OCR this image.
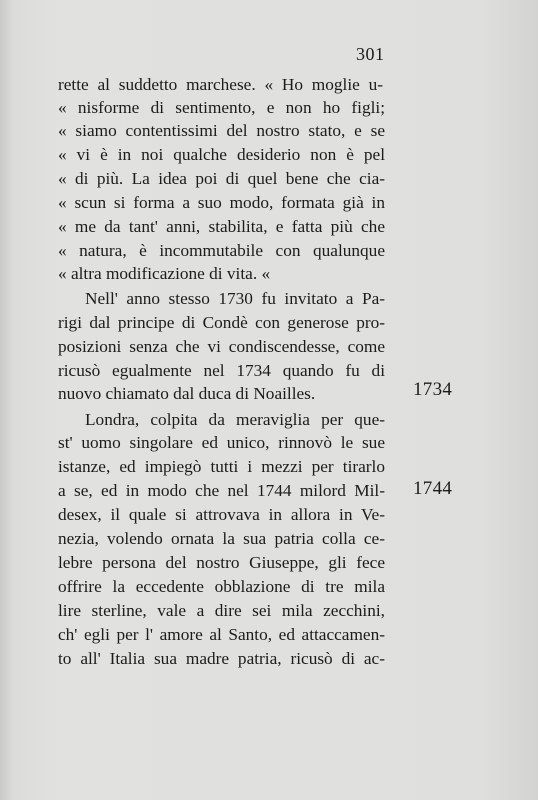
301
rette al suddetto marchese. « Ho moglie u-
« nisforme di sentimento, e non ho figli;
« siamo contentissimi del nostro stato, e se
« vi è in noi qualche desiderio non è pel
« di più. La idea poi di quel bene che cia-
« scun si forma a suo modo, formata già in
« me da tant' anni, stabilita, e fatta più che
« natura, è incommutabile con qualunque
« altra modificazione di vita. «
Nell' anno stesso 1730 fu invitato a Pa-
rigi dal principe di Condè con generose pro-
posizioni senza che vi condiscendesse, come
ricusò egualmente nel 1734 quando fu di
nuovo chiamato dal duca di Noailles.
Londra, colpita da meraviglia per que-
st' uomo singolare ed unico, rinnovò le sue
istanze, ed impiegò tutti i mezzi per tirarlo
a se, ed in modo che nel 1744 milord Mil-
desex, il quale si attrovava in allora in Ve-
nezia, volendo ornata la sua patria colla ce-
lebre persona del nostro Giuseppe, gli fece
offrire la eccedente obblazione di tre mila
lire sterline, vale a dire sei mila zecchini,
ch' egli per l' amore al Santo, ed attaccamen-
to all' Italia sua madre patria, ricusò di ac-
1734
1744
